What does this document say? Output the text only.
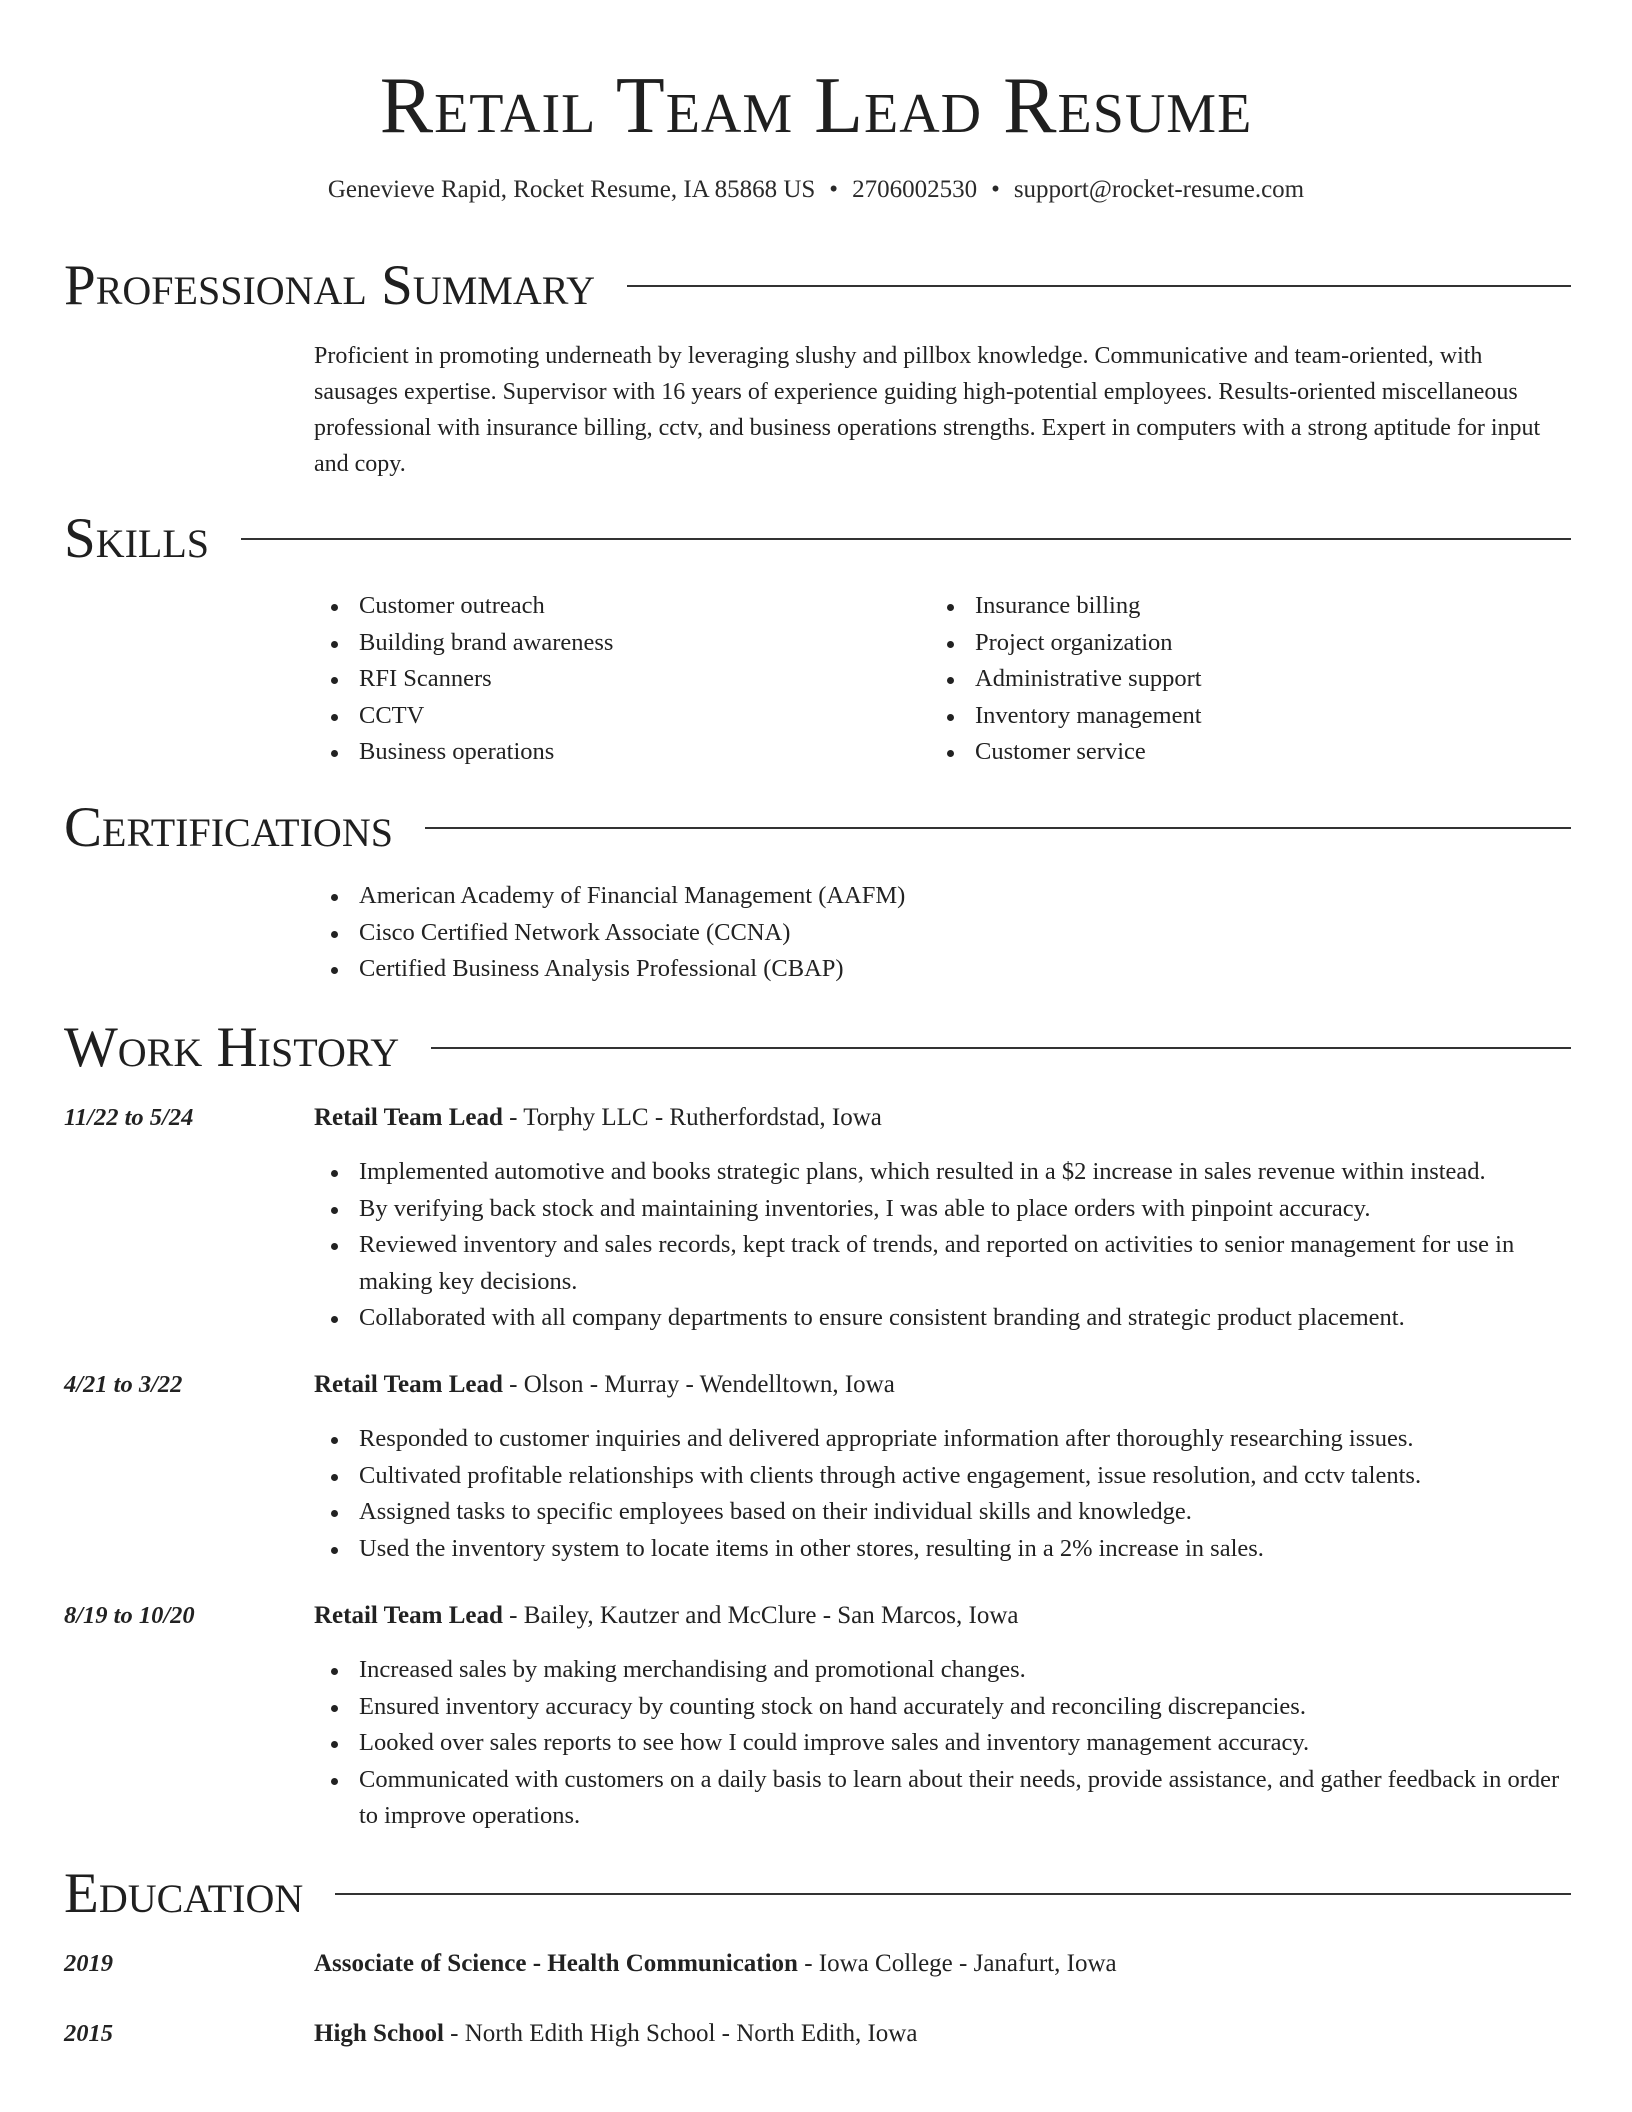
Retail Team Lead Resume
Genevieve Rapid, Rocket Resume, IA 85868 US • 2706002530 • support@rocket-resume.com
Professional Summary

Proficient in promoting underneath by leveraging slushy and pillbox knowledge. Communicative and team-oriented, with sausages expertise. Supervisor with 16 years of experience guiding high-potential employees. Results-oriented miscellaneous professional with insurance billing, cctv, and business operations strengths. Expert in computers with a strong aptitude for input and copy.

Skills
Customer outreach
Building brand awareness
RFI Scanners
CCTV
Business operations
Insurance billing
Project organization
Administrative support
Inventory management
Customer service
Certifications
American Academy of Financial Management (AAFM)
Cisco Certified Network Associate (CCNA)
Certified Business Analysis Professional (CBAP)
Work History
11/22 to 5/24	Retail Team Lead - Torphy LLC - Rutherfordstad, Iowa
Implemented automotive and books strategic plans, which resulted in a $2 increase in sales revenue within instead.
By verifying back stock and maintaining inventories, I was able to place orders with pinpoint accuracy.
Reviewed inventory and sales records, kept track of trends, and reported on activities to senior management for use in making key decisions.
Collaborated with all company departments to ensure consistent branding and strategic product placement.
4/21 to 3/22	Retail Team Lead - Olson - Murray - Wendelltown, Iowa
Responded to customer inquiries and delivered appropriate information after thoroughly researching issues.
Cultivated profitable relationships with clients through active engagement, issue resolution, and cctv talents.
Assigned tasks to specific employees based on their individual skills and knowledge.
Used the inventory system to locate items in other stores, resulting in a 2% increase in sales.
8/19 to 10/20	Retail Team Lead - Bailey, Kautzer and McClure - San Marcos, Iowa
Increased sales by making merchandising and promotional changes.
Ensured inventory accuracy by counting stock on hand accurately and reconciling discrepancies.
Looked over sales reports to see how I could improve sales and inventory management accuracy.
Communicated with customers on a daily basis to learn about their needs, provide assistance, and gather feedback in order to improve operations.
Education
2019	Associate of Science - Health Communication - Iowa College - Janafurt, Iowa
2015	High School - North Edith High School - North Edith, Iowa
